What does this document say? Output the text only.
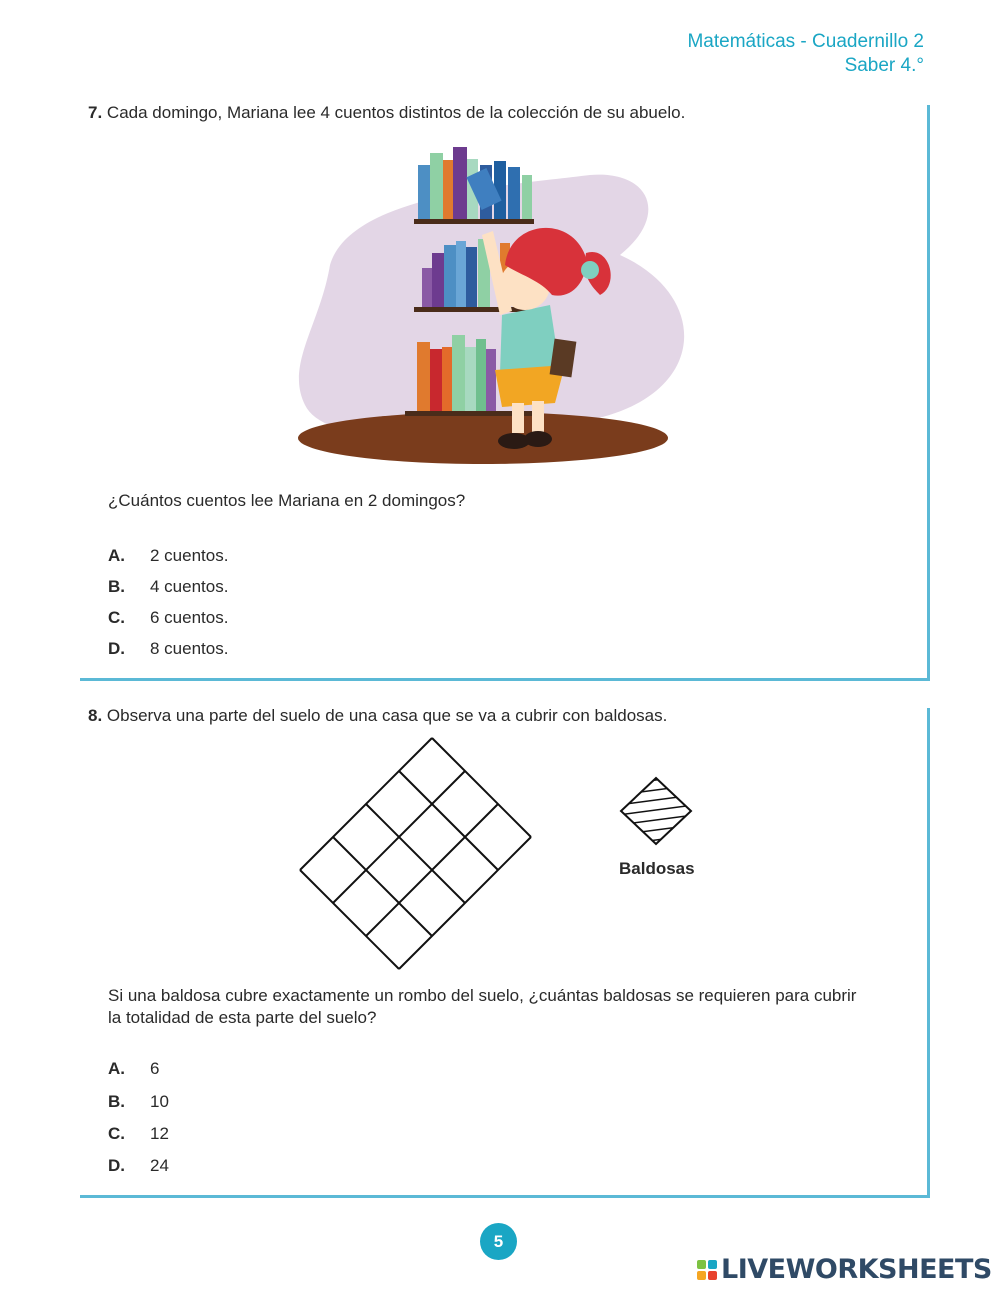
Matemáticas - Cuadernillo 2
Saber 4.°
7. Cada domingo, Mariana lee 4 cuentos distintos de la colección de su abuelo.
¿Cuántos cuentos lee Mariana en 2 domingos?
A. 2 cuentos.
B. 4 cuentos.
C. 6 cuentos.
D. 8 cuentos.
8. Observa una parte del suelo de una casa que se va a cubrir con baldosas.
Baldosas
Si una baldosa cubre exactamente un rombo del suelo, ¿cuántas baldosas se requieren para cubrir
la totalidad de esta parte del suelo?
A. 6
B. 10
C. 12
D. 24
5
LIVEWORKSHEETS
